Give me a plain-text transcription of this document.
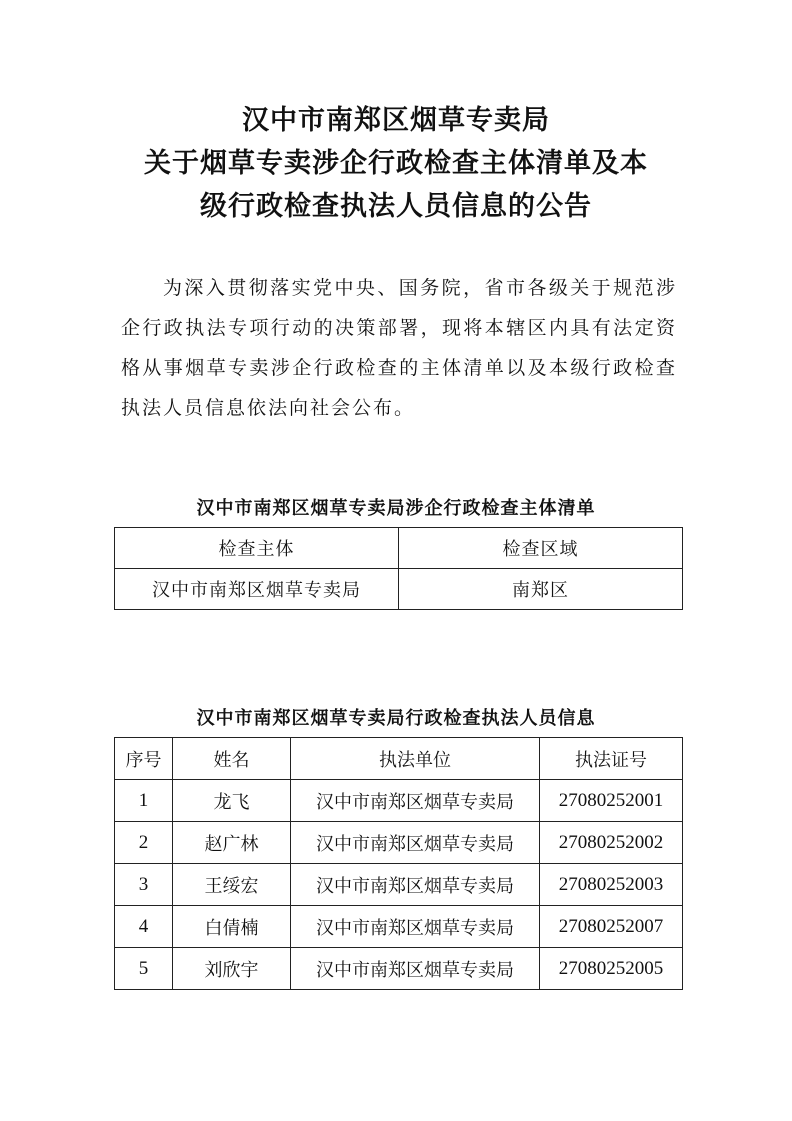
汉中市南郑区烟草专卖局
关于烟草专卖涉企行政检查主体清单及本
级行政检查执法人员信息的公告

为深入贯彻落实党中央、国务院，省市各级关于规范涉企行政执法专项行动的决策部署，现将本辖区内具有法定资格从事烟草专卖涉企行政检查的主体清单以及本级行政检查执法人员信息依法向社会公布。

汉中市南郑区烟草专卖局涉企行政检查主体清单
检查主体	检查区域
汉中市南郑区烟草专卖局	南郑区
汉中市南郑区烟草专卖局行政检查执法人员信息
序号	姓名	执法单位	执法证号
1	龙飞	汉中市南郑区烟草专卖局	27080252001
2	赵广林	汉中市南郑区烟草专卖局	27080252002
3	王绥宏	汉中市南郑区烟草专卖局	27080252003
4	白倩楠	汉中市南郑区烟草专卖局	27080252007
5	刘欣宇	汉中市南郑区烟草专卖局	27080252005
